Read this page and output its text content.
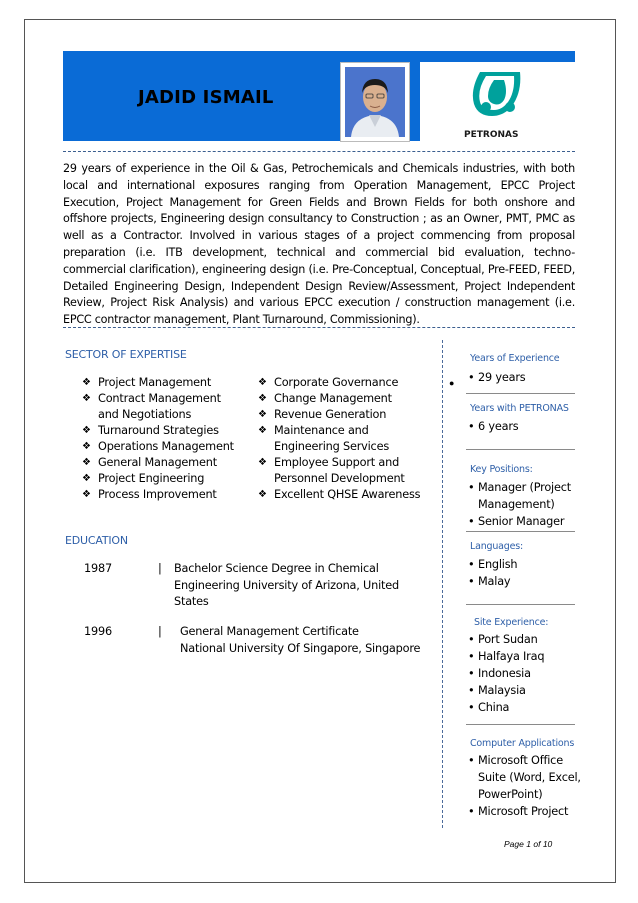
JADID ISMAIL
PETRONAS

29 years of experience in the Oil & Gas, Petrochemicals and Chemicals industries, with both local and international exposures ranging from Operation Management, EPCC Project Execution, Project Management for Green Fields and Brown Fields for both onshore and offshore projects, Engineering design consultancy to Construction ; as an Owner, PMT, PMC as well as a Contractor. Involved in various stages of a project commencing from proposal preparation (i.e. ITB development, technical and commercial bid evaluation, techno-commercial clarification), engineering design (i.e. Pre-Conceptual, Conceptual, Pre-FEED, FEED, Detailed Engineering Design, Independent Design Review/Assessment, Project Independent Review, Project Risk Analysis) and various EPCC execution / construction management (i.e. EPCC contractor management, Plant Turnaround, Commissioning).

SECTOR OF EXPERTISE
❖ Project Management
❖ Contract Management
and Negotiations
❖ Turnaround Strategies
❖ Operations Management
❖ General Management
❖ Project Engineering
❖ Process Improvement
❖ Corporate Governance
❖ Change Management
❖ Revenue Generation
❖ Maintenance and
Engineering Services
❖ Employee Support and
Personnel Development
❖ Excellent QHSE Awareness
●
EDUCATION
1987	| Bachelor Science Degree in Chemical
Engineering University of Arizona, United
States
1996	| General Management Certificate
National University Of Singapore, Singapore
Years of Experience
• 29 years
Years with PETRONAS
• 6 years
Key Positions:
• Manager (Project
Management)
• Senior Manager
Languages:
• English
• Malay
Site Experience:
• Port Sudan
• Halfaya Iraq
• Indonesia
• Malaysia
• China
Computer Applications
• Microsoft Office
Suite (Word, Excel,
PowerPoint)
• Microsoft Project
Page 1 of 10
